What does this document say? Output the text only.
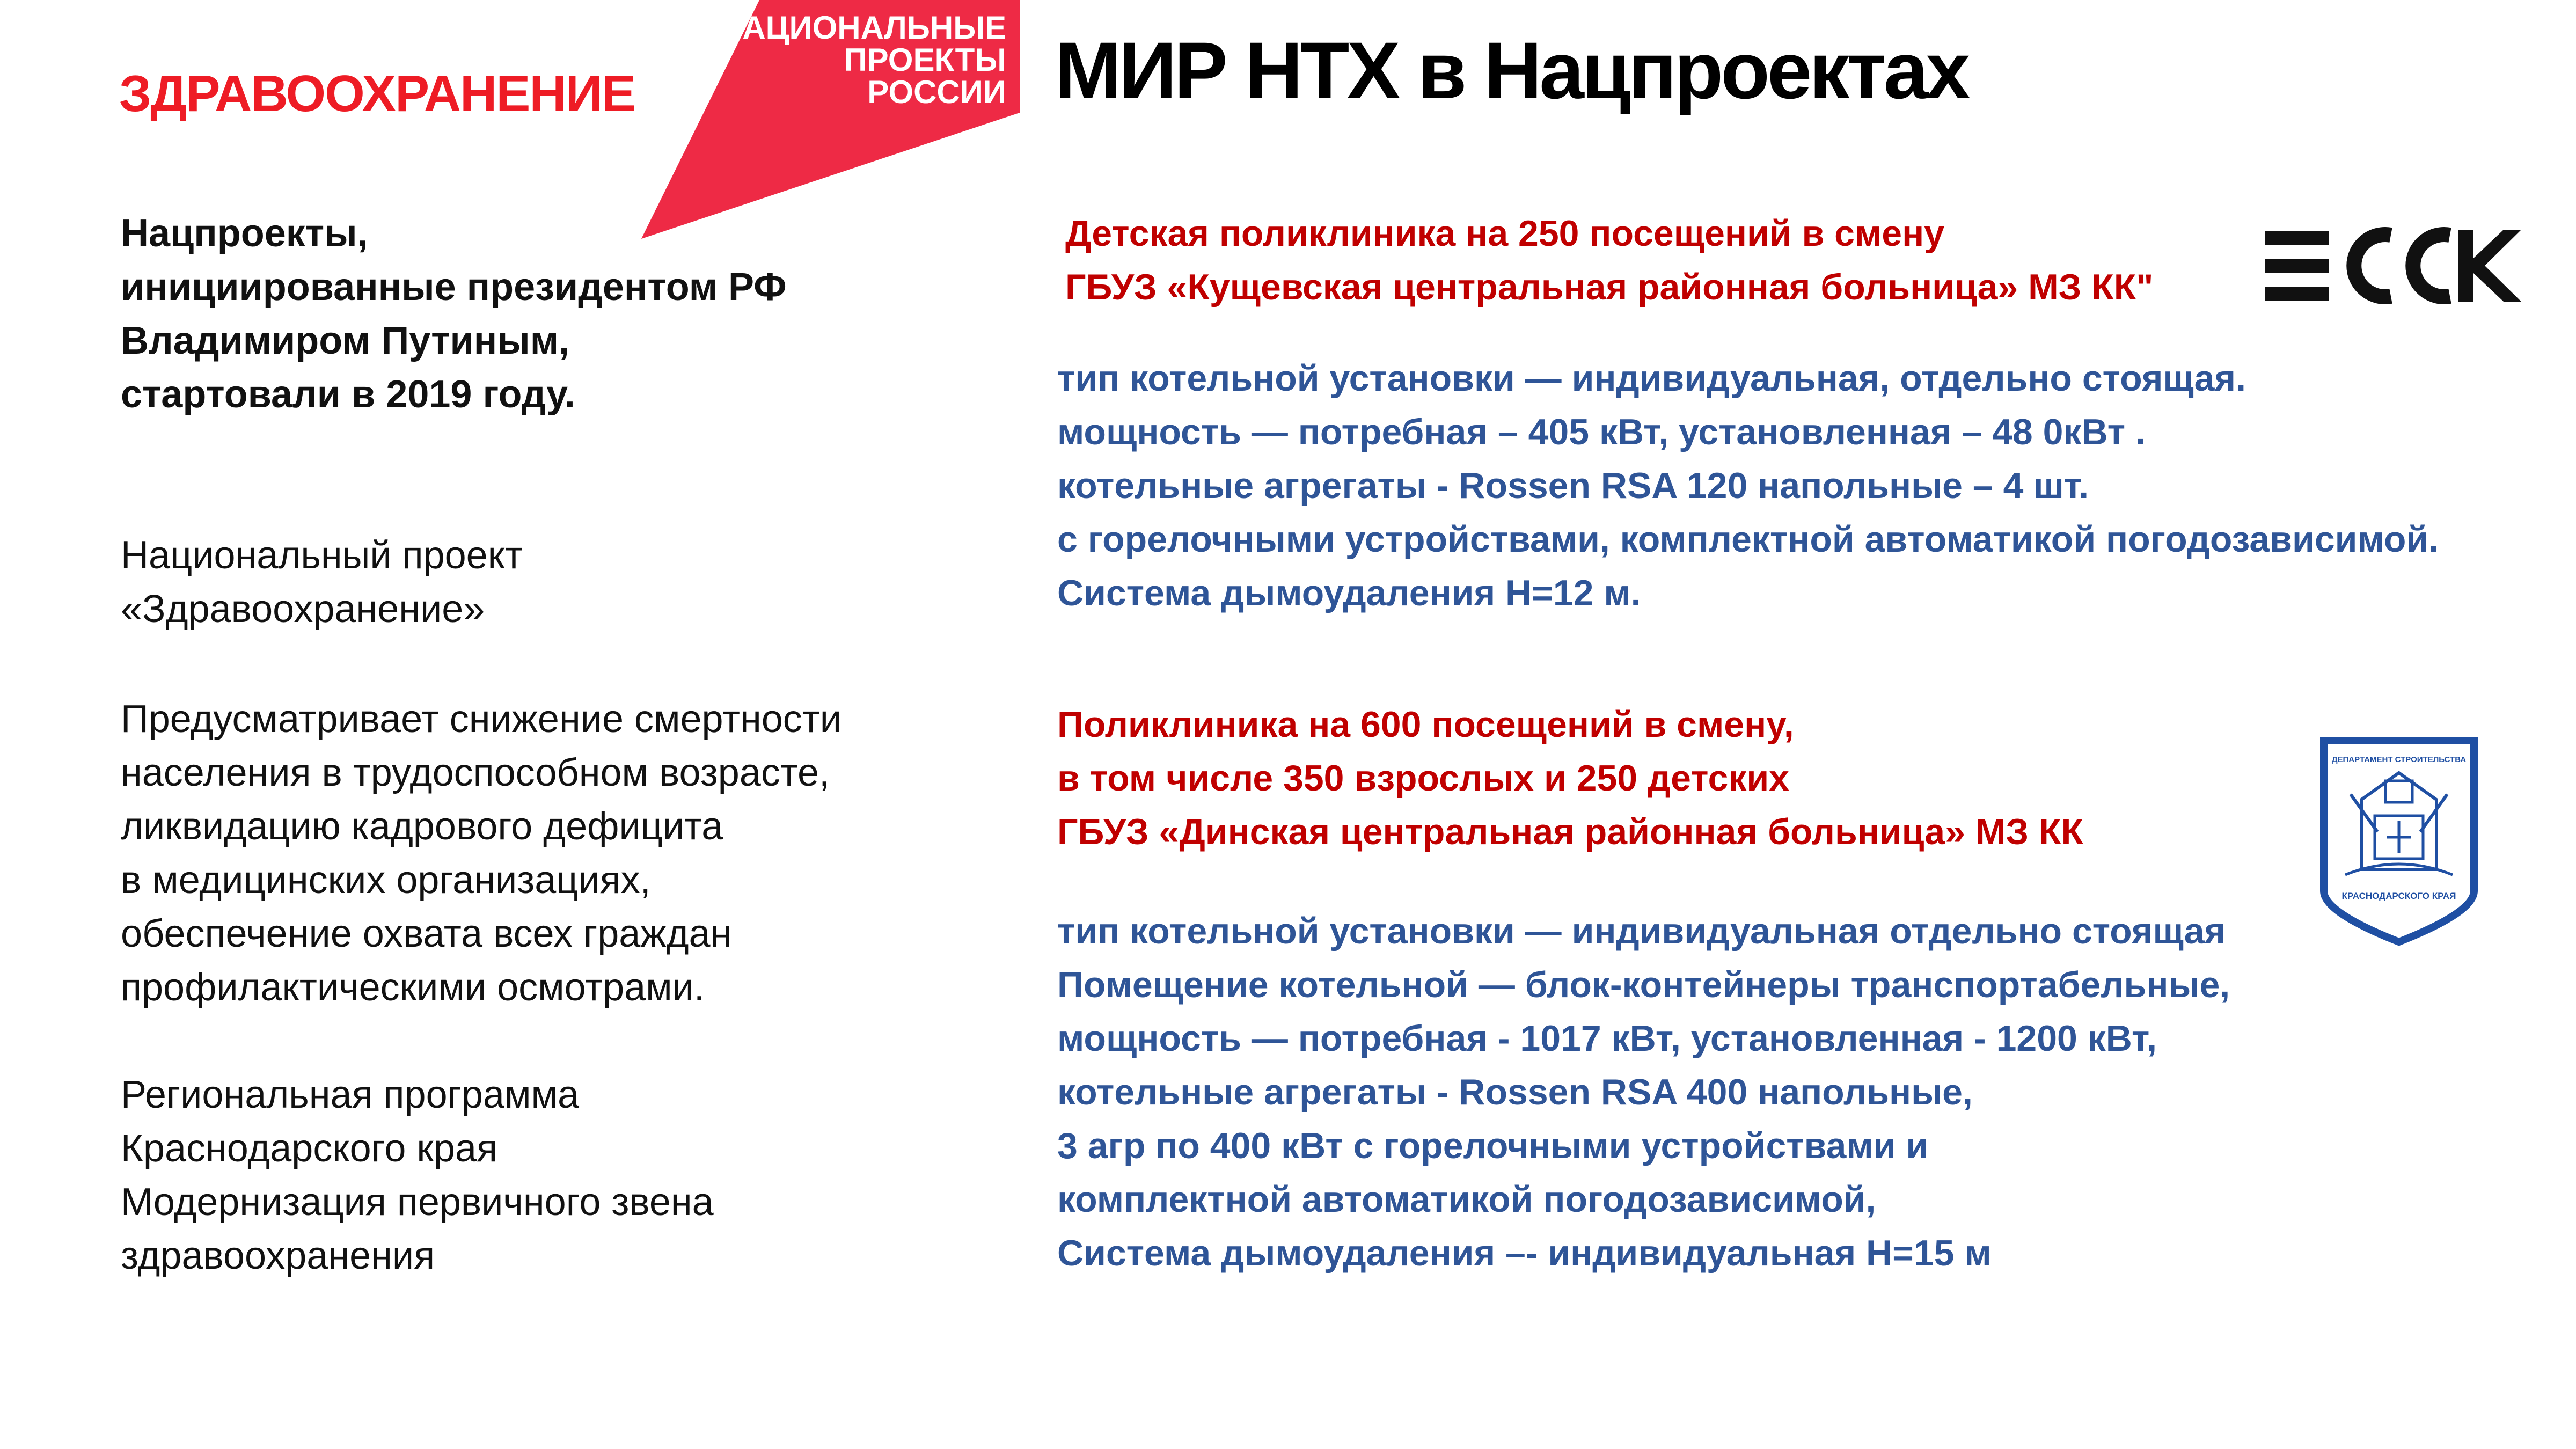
ЗДРАВООХРАНЕНИЕ
НАЦИОНАЛЬНЫЕ
ПРОЕКТЫ
РОССИИ МИР НТХ в Нацпроектах
Нацпроекты,
инициированные президентом РФ
Владимиром Путиным,
стартовали в 2019 году.
Национальный проект
«Здравоохранение»
Предусматривает снижение смертности
населения в трудоспособном возрасте,
ликвидацию кадрового дефицита
в медицинских организациях,
обеспечение охвата всех граждан
профилактическими осмотрами.
Региональная программа
Краснодарского края
Модернизация первичного звена
здравоохранения
Детская поликлиника на 250 посещений в смену
ГБУЗ «Кущевская центральная районная больница» МЗ КК"
тип котельной установки — индивидуальная, отдельно стоящая.
мощность — потребная – 405 кВт, установленная – 48 0кВт .
котельные агрегаты - Rossen RSA 120 напольные – 4 шт.
с горелочными устройствами, комплектной автоматикой погодозависимой.
Система дымоудаления Н=12 м.
Поликлиника на 600 посещений в смену,
в том числе 350 взрослых и 250 детских
ГБУЗ «Динская центральная районная больница» МЗ КК
тип котельной установки — индивидуальная отдельно стоящая
Помещение котельной — блок-контейнеры транспортабельные,
мощность — потребная - 1017 кВт, установленная - 1200 кВт,
котельные агрегаты - Rossen RSA 400 напольные,
3 агр по 400 кВт с горелочными устройствами и
комплектной автоматикой погодозависимой,
Система дымоудаления –- индивидуальная Н=15 м
ДЕПАРТАМЕНТ СТРОИТЕЛЬСТВА
КРАСНОДАРСКОГО КРАЯ
